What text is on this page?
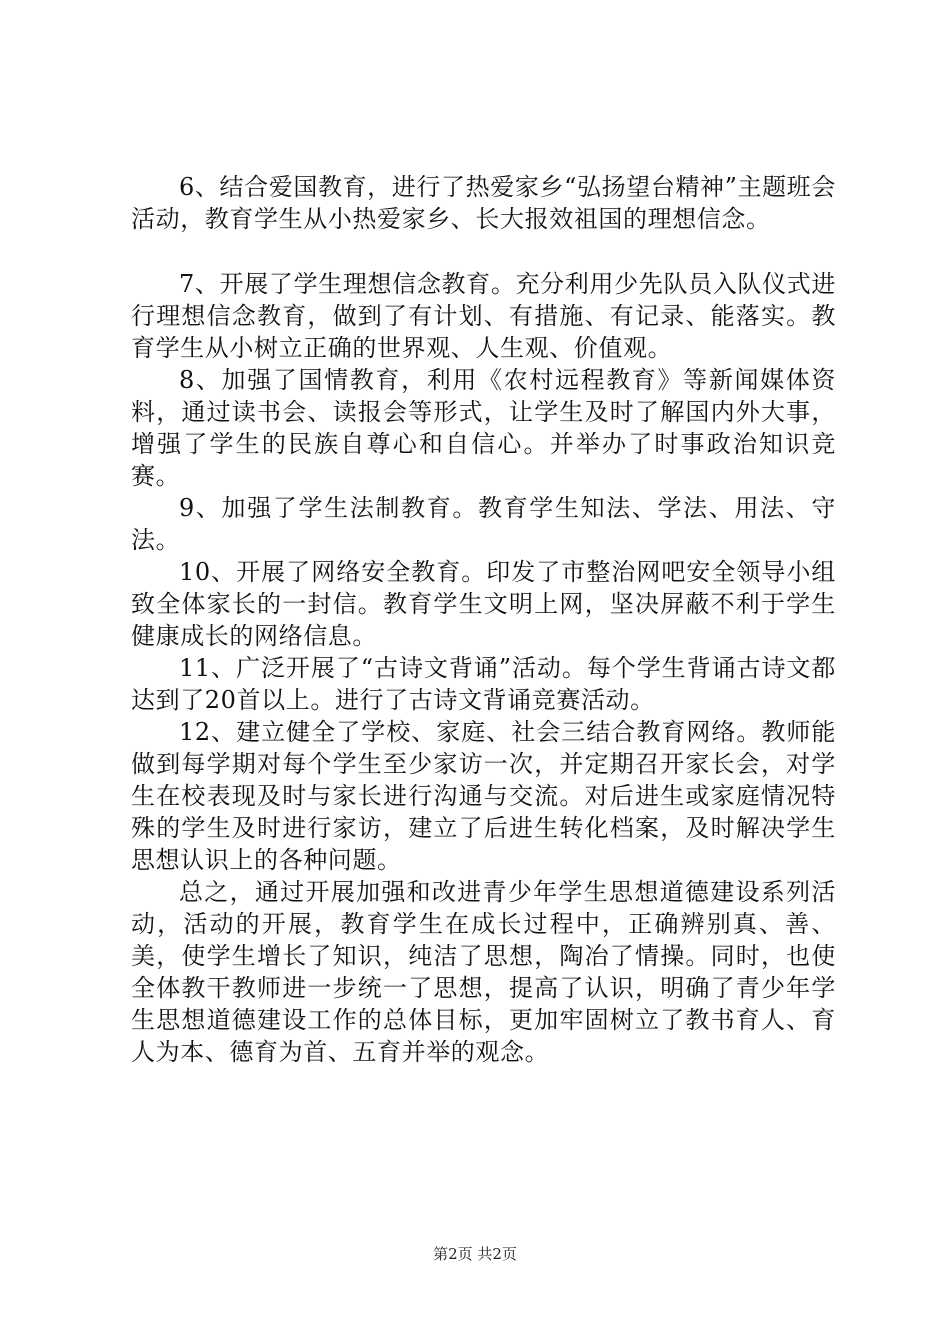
6、结合爱国教育，进行了热爱家乡“弘扬望台精神”主题班会活动，教育学生从小热爱家乡、长大报效祖国的理想信念。

7、开展了学生理想信念教育。充分利用少先队员入队仪式进行理想信念教育，做到了有计划、有措施、有记录、能落实。教育学生从小树立正确的世界观、人生观、价值观。

8、加强了国情教育，利用《农村远程教育》等新闻媒体资料，通过读书会、读报会等形式，让学生及时了解国内外大事，增强了学生的民族自尊心和自信心。并举办了时事政治知识竞赛。

9、加强了学生法制教育。教育学生知法、学法、用法、守法。

10、开展了网络安全教育。印发了市整治网吧安全领导小组致全体家长的一封信。教育学生文明上网，坚决屏蔽不利于学生健康成长的网络信息。

11、广泛开展了“古诗文背诵”活动。每个学生背诵古诗文都达到了20首以上。进行了古诗文背诵竞赛活动。

12、建立健全了学校、家庭、社会三结合教育网络。教师能做到每学期对每个学生至少家访一次，并定期召开家长会，对学生在校表现及时与家长进行沟通与交流。对后进生或家庭情况特殊的学生及时进行家访，建立了后进生转化档案，及时解决学生思想认识上的各种问题。

总之，通过开展加强和改进青少年学生思想道德建设系列活动，活动的开展，教育学生在成长过程中，正确辨别真、善、美，使学生增长了知识，纯洁了思想，陶冶了情操。同时，也使全体教干教师进一步统一了思想，提高了认识，明确了青少年学生思想道德建设工作的总体目标，更加牢固树立了教书育人、育人为本、德育为首、五育并举的观念。

第2页 共2页
